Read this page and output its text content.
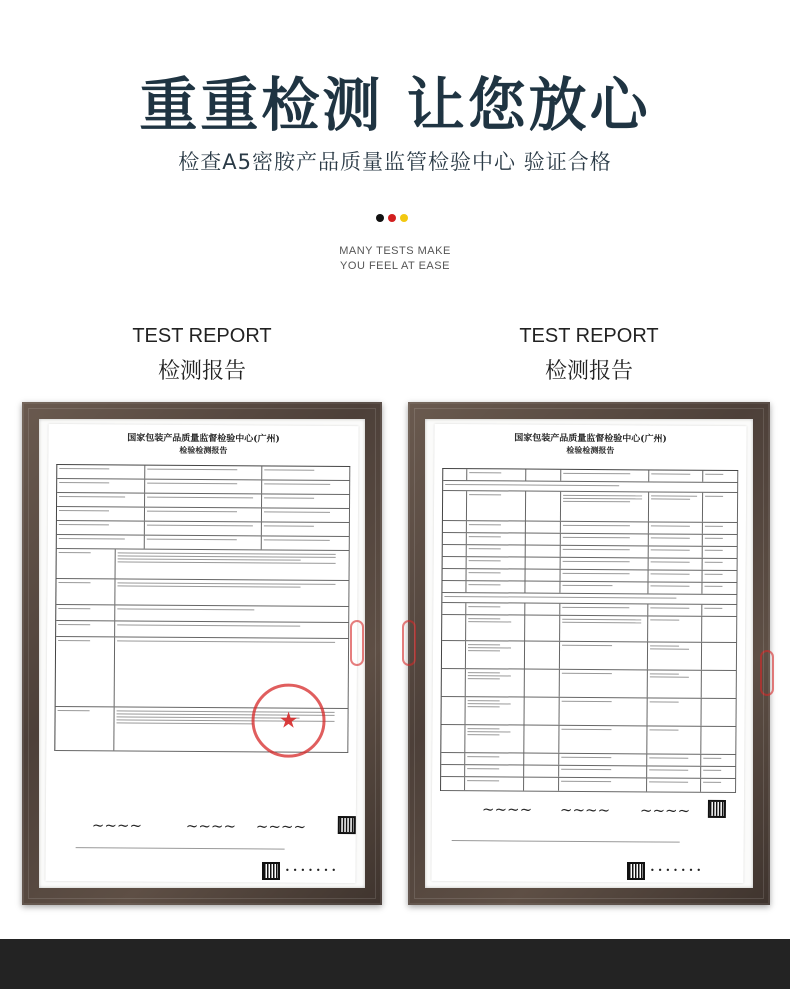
重重检测 让您放心
检查A5密胺产品质量监管检验中心 验证合格
MANY TESTS MAKE
YOU FEEL AT EASE
TEST REPORT
检测报告
TEST REPORT
检测报告
国家包装产品质量监督检验中心(广州)
检验检测报告
★
~~~~	~~~~ ~~~~
•••••••
国家包装产品质量监督检验中心(广州)
检验检测报告
~~~~ ~~~~ ~~~~
•••••••
